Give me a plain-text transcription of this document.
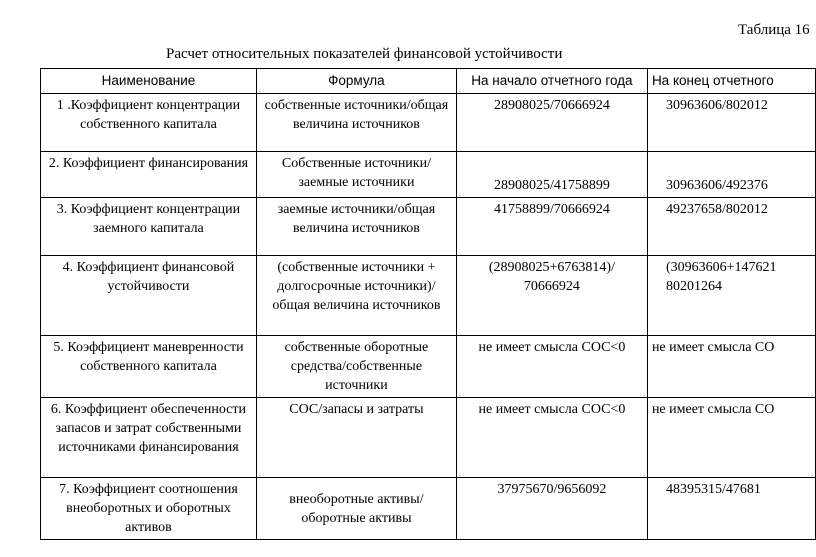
Таблица 16
Расчет относительных показателей финансовой устойчивости
Наименование	Формула	На начало отчетного года	На конец отчетного
1 .Коэффициент концентрации собственного капитала	собственные источники/общая величина источников	28908025/70666924	30963606/802012
2. Коэффициент финансирования	Собственные источники/заемные источники	28908025/41758899	30963606/492376
3. Коэффициент концентрации заемного капитала	заемные источники/общая величина источников	41758899/70666924	49237658/802012
4. Коэффициент финансовой устойчивости	(собственные источники + долгосрочные источники)/общая величина источников	(28908025+6763814)/ 70666924	(30963606+147621 80201264
5. Коэффициент маневренности собственного капитала	собственные оборотные средства/собственные источники	не имеет смысла СОС<0	не имеет смысла СО
6. Коэффициент обеспеченности запасов и затрат собственными источниками финансирования	СОС/запасы и затраты	не имеет смысла СОС<0	не имеет смысла СО
7. Коэффициент соотношения внеоборотных и оборотных активов	внеоборотные активы/оборотные активы	37975670/9656092	48395315/47681
